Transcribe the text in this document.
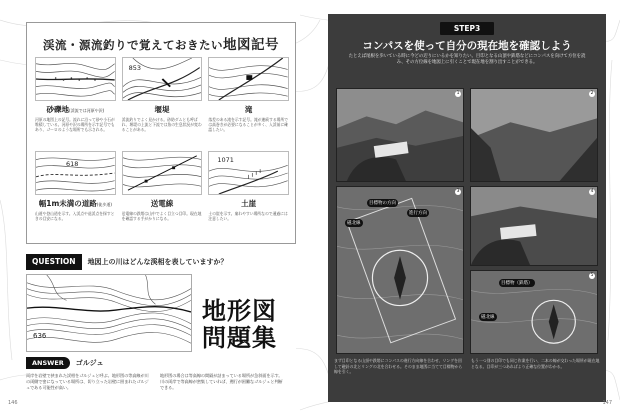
渓流・源流釣りで覚えておきたい地図記号
砂礫地(渓流では河原や沢)
河原の地図上の記号。流れに沿って砂や小石が堆積している。河原や沢の場所を示す記号でもあり、ゴーロのような場所でも示される。
853
堰堤
渓流釣りでよく見かける。砂防ダムとも呼ばれ、堰堤の上流と下流では魚の生息状況が変わることがある。
滝
落差のある滝を示す記号。滝が連続する場所では高巻きが必要になることが多く、入渓前に確認したい。
618
幅1m未満の道路(徒歩道)
山道や登山道を示す。入渓点や退渓点を探すときの目安になる。
送電線
送電線の鉄塔は山中でよく目立つ目印。現在地を確認する手がかりになる。
1071
土崖
土の崖を示す。崩れやすい場所なので通過には注意したい。
QUESTION	地図上の川はどんな渓相を表していますか？
636
地形図
問題集
ANSWER	ゴルジュ

両岸を岩壁で挟まれた渓相をゴルジュと呼ぶ。地形図の等高線が川の両側で密になっている場所は、切り立った岩壁に囲まれたゴルジュである可能性が高い。

地形図の場合は等高線の間隔が詰まっている場所が急斜面を示す。川の両岸で等高線が密集していれば、遡行が困難なゴルジュと判断できる。

146
STEP3
コンパスを使って自分の現在地を確認しよう
たとえば尾根を歩いている時に今どの辺りにいるかを知りたい。目印となる山頂や鉄塔などにコンパスを向けて方位を読み、その方位線を地図上に引くことで現在地を割り出すことができる。
1	2
3
目標物の方向
進行方向
磁北線
4
5
目標物（鉄塔）
磁北線

まず目印となる山頂や鉄塔にコンパスの進行方向線を合わせ、リングを回して磁針の北とリングの北を合わせる。そのまま地図に当てて目標物から線を引く。

もう一つ別の目印でも同じ作業を行い、二本の線が交わった場所が現在地となる。目印が三つあればより正確な位置がわかる。

147
